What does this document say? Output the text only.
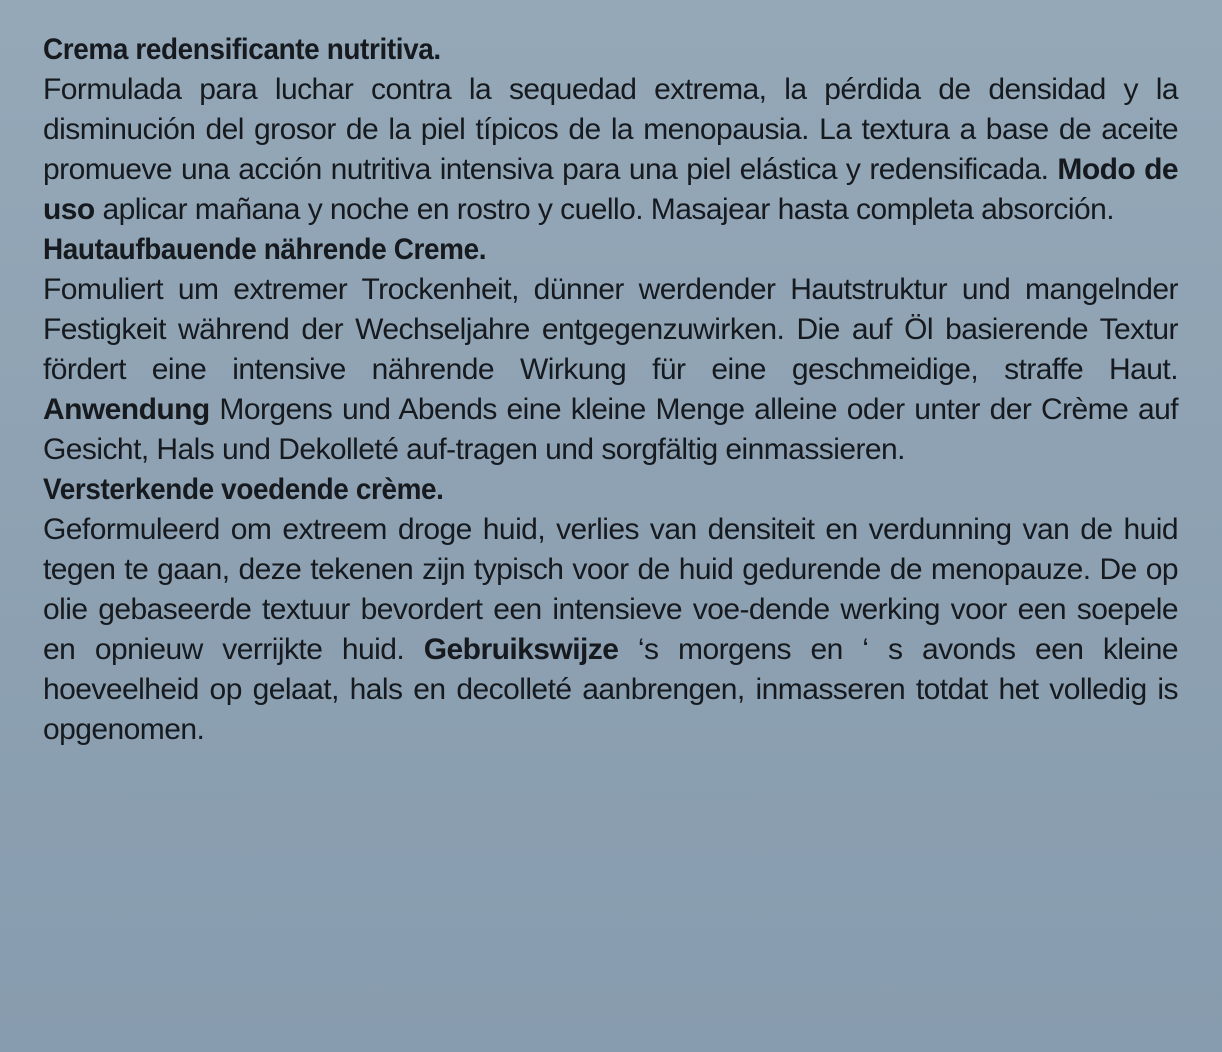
Crema redensificante nutritiva.

Formulada para luchar contra la sequedad extrema, la pérdida de densidad y la disminución del grosor de la piel típicos de la menopausia. La textura a base de aceite promueve una acción nutritiva intensiva para una piel elástica y redensificada. Modo de uso aplicar mañana y noche en rostro y cuello. Masajear hasta completa absorción.

Hautaufbauende nährende Creme.

Fomuliert um extremer Trockenheit, dünner werdender Hautstruktur und mangelnder Festigkeit während der Wechseljahre entgegenzuwirken. Die auf Öl basierende Textur fördert eine intensive nährende Wirkung für eine geschmeidige, straffe Haut. Anwendung Morgens und Abends eine kleine Menge alleine oder unter der Crème auf Gesicht, Hals und Dekolleté auf-tragen und sorgfältig einmassieren.

Versterkende voedende crème.

Geformuleerd om extreem droge huid, verlies van densiteit en verdunning van de huid tegen te gaan, deze tekenen zijn typisch voor de huid gedurende de menopauze. De op olie gebaseerde textuur bevordert een intensieve voe-dende werking voor een soepele en opnieuw verrijkte huid. Gebruikswijze ‘s morgens en ‘ s avonds een kleine hoeveelheid op gelaat, hals en decolleté aanbrengen, inmasseren totdat het volledig is opgenomen.
